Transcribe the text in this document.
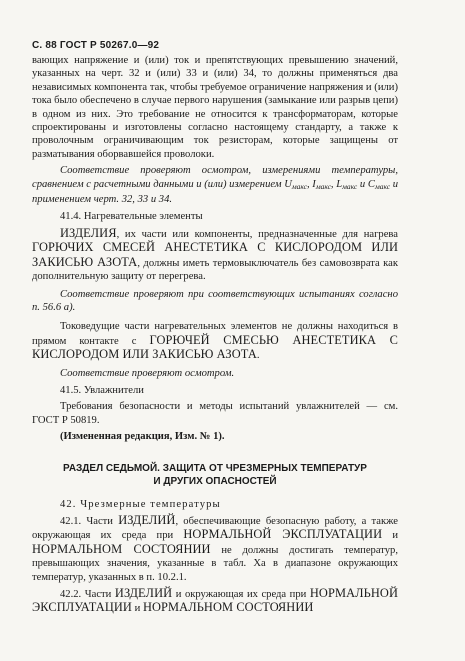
С. 88 ГОСТ Р 50267.0—92

вающих напряжение и (или) ток и препятствующих превышению значений, указанных на черт. 32 и (или) 33 и (или) 34, то должны применяться два независимых компонента так, чтобы требуемое ограничение напряжения и (или) тока было обеспечено в случае первого нарушения (замыкание или разрыв цепи) в одном из них. Это требование не относится к трансформаторам, которые спроектированы и изготовлены согласно настоящему стандарту, а также к проволочным ограничивающим ток резисторам, которые защищены от разматывания оборвавшейся проволоки.

Соответствие проверяют осмотром, измерениями температуры, сравнением с расчетными данными и (или) измерением $U_{макс}$, $I_{макс}$, $L_{макс}$ и $C_{макс}$ и применением черт. 32, 33 и 34.

41.4. Нагревательные элементы

ИЗДЕЛИЯ, их части или компоненты, предназначенные для нагрева ГОРЮЧИХ СМЕСЕЙ АНЕСТЕТИКА С КИСЛОРОДОМ ИЛИ ЗАКИСЬЮ АЗОТА, должны иметь термовыключатель без самовозврата как дополнительную защиту от перегрева.

Соответствие проверяют при соответствующих испытаниях согласно п. 56.6 а).

Токоведущие части нагревательных элементов не должны находиться в прямом контакте с ГОРЮЧЕЙ СМЕСЬЮ АНЕСТЕТИКА С КИСЛОРОДОМ ИЛИ ЗАКИСЬЮ АЗОТА.

Соответствие проверяют осмотром.

41.5. Увлажнители

Требования безопасности и методы испытаний увлажнителей — см. ГОСТ Р 50819.

(Измененная редакция, Изм. № 1).

РАЗДЕЛ СЕДЬМОЙ. ЗАЩИТА ОТ ЧРЕЗМЕРНЫХ ТЕМПЕРАТУР
И ДРУГИХ ОПАСНОСТЕЙ

42. Чрезмерные температуры

42.1. Части ИЗДЕЛИЙ, обеспечивающие безопасную работу, а также окружающая их среда при НОРМАЛЬНОЙ ЭКСПЛУАТАЦИИ и НОРМАЛЬНОМ СОСТОЯНИИ не должны достигать температур, превышающих значения, указанные в табл. Ха в диапазоне окружающих температур, указанных в п. 10.2.1.

42.2. Части ИЗДЕЛИЙ и окружающая их среда при НОРМАЛЬНОЙ ЭКСПЛУАТАЦИИ и НОРМАЛЬНОМ СОСТОЯНИИ
